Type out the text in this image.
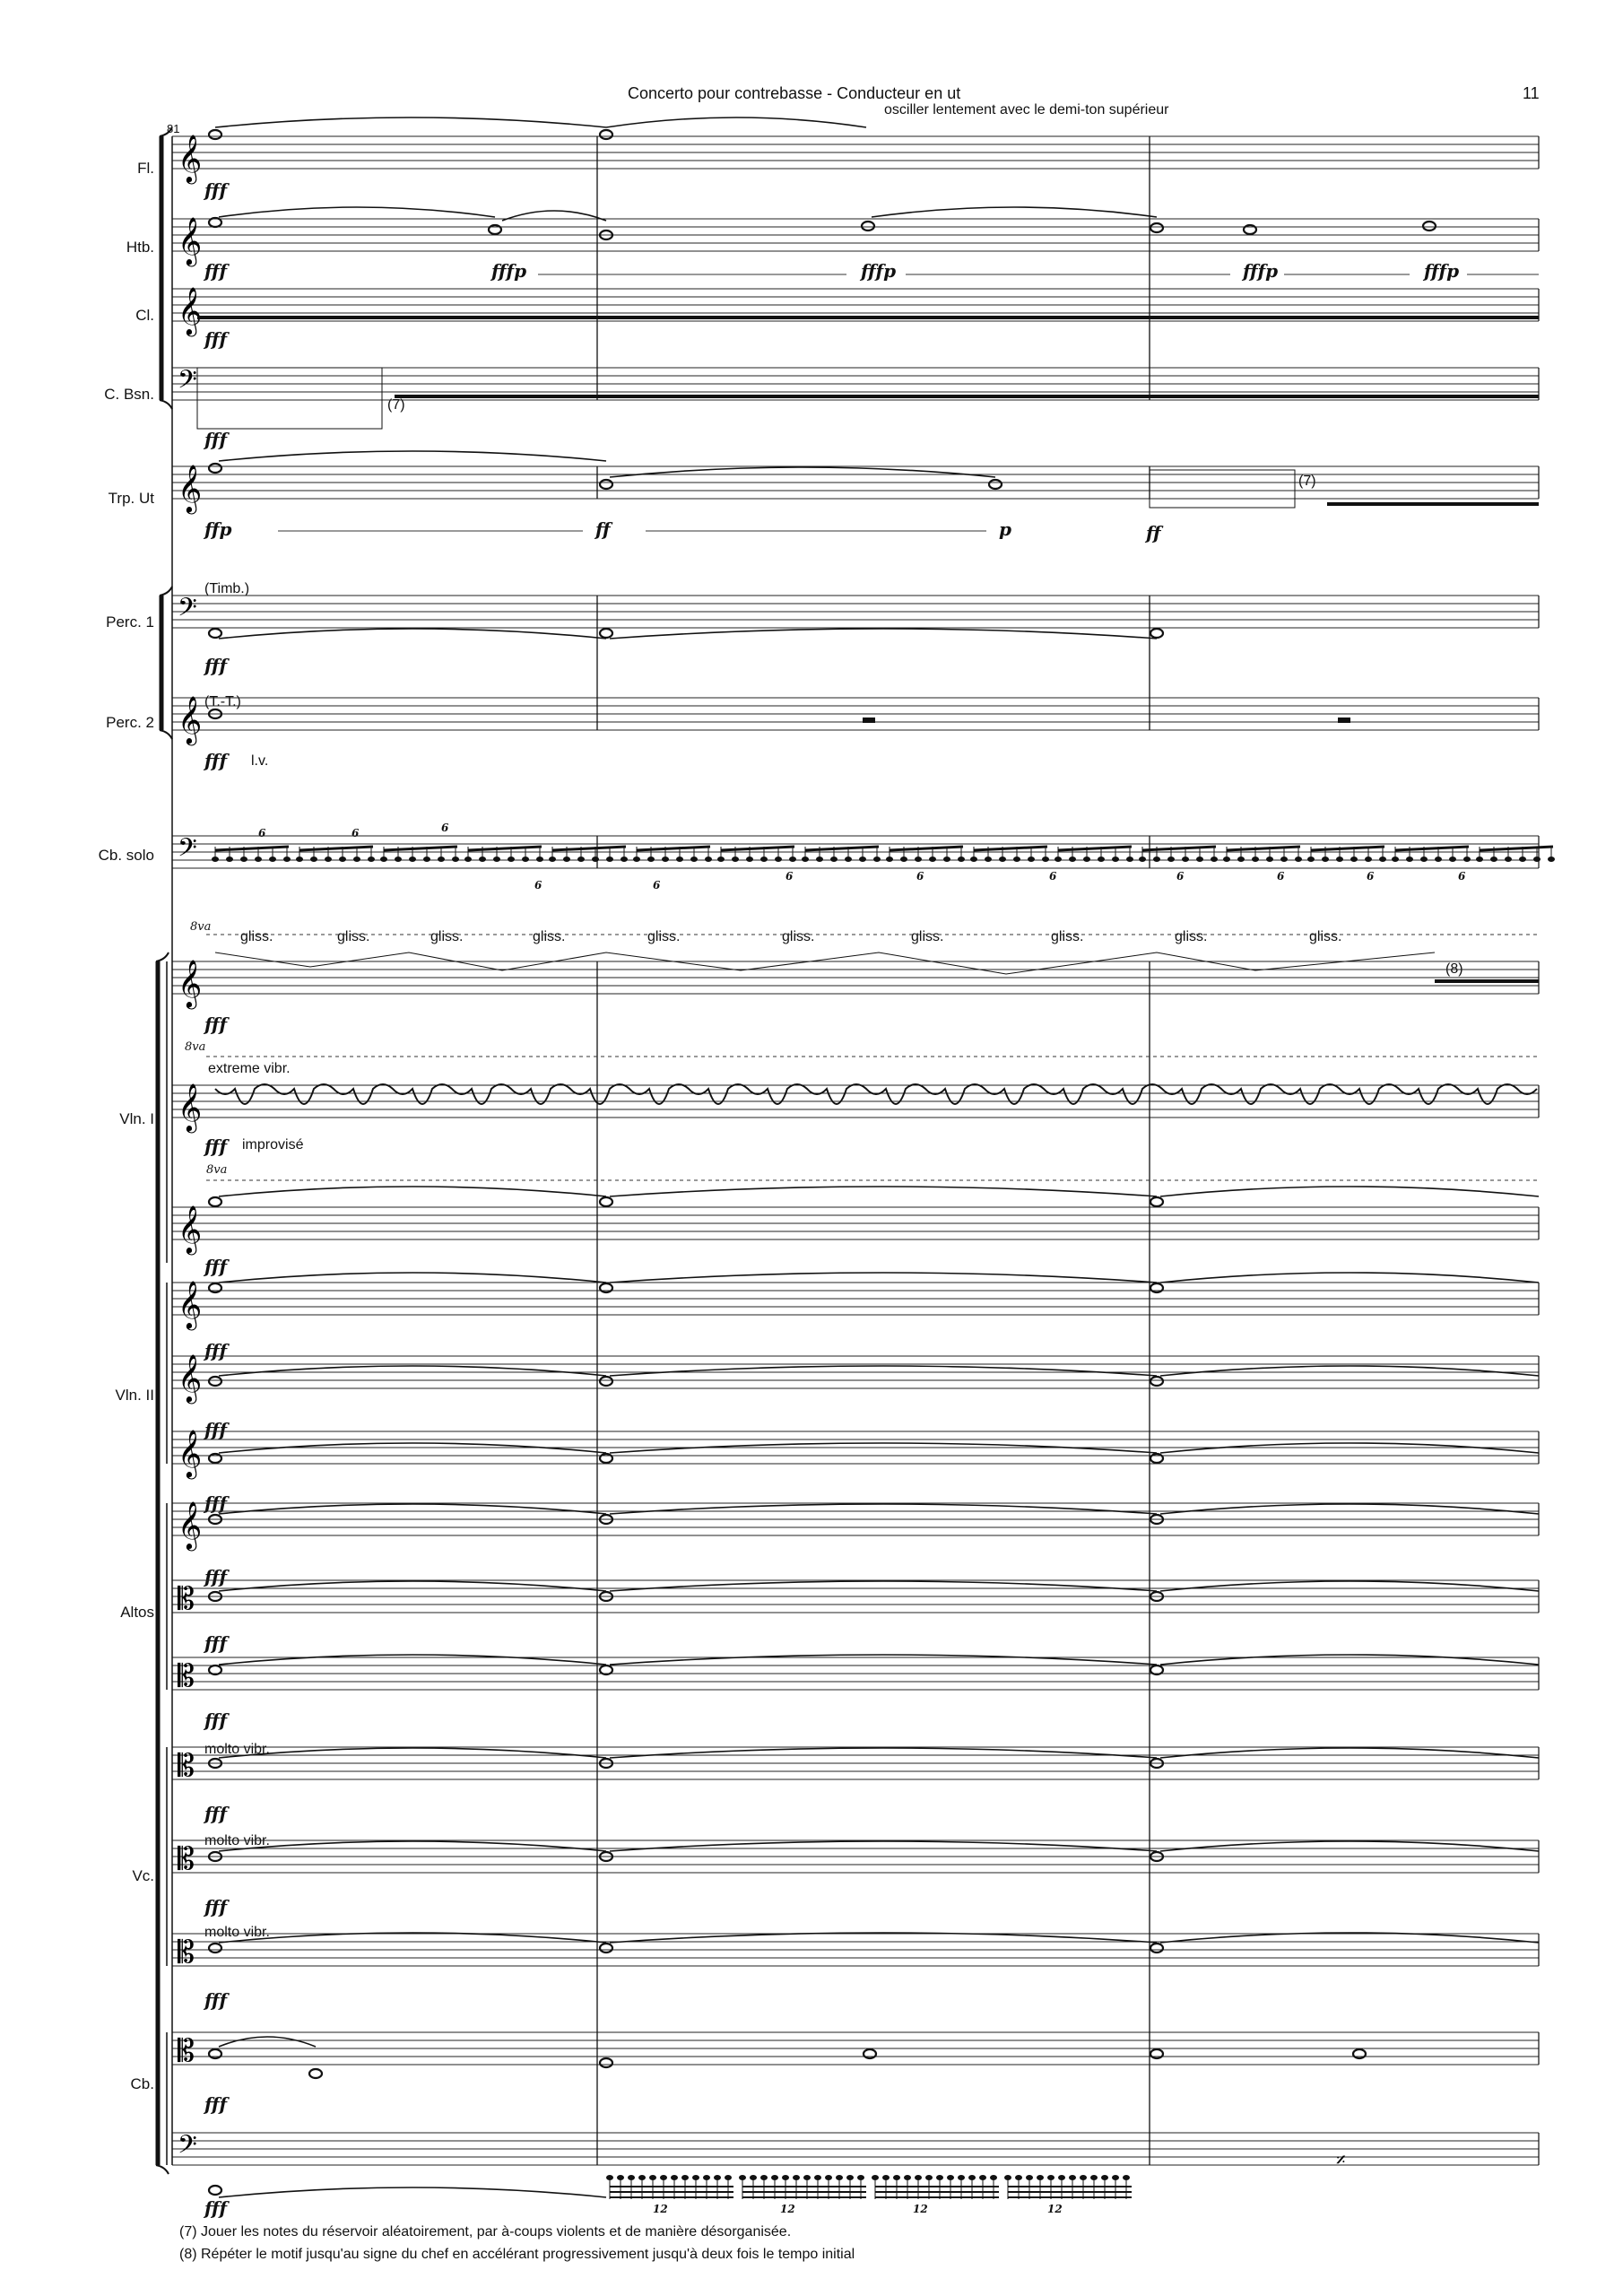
Concerto pour contrebasse - Conducteur en ut	11
81
osciller lentement avec le demi-ton supérieur
Fl.
Htb.
Cl.
C. Bsn.
Trp. Ut
Perc. 1
Perc. 2
Cb. solo
Vln. I
Vln. II
Altos
Vc.
Cb.
(7)
(7)
(8)
(Timb.)
(T.-T.)
l.v.
extreme vibr.
improvisé
molto vibr.
molto vibr.
molto vibr.
8va
8va
8va
gliss.	gliss.	gliss.	gliss.	gliss.	gliss.	gliss.	gliss.	gliss.	gliss.
fff
fff	fffp	fffp	fffp	fffp
fff
fff
ffp	ff	p	ff
fff
fff
fff
fff
fff
fff
fff
fff
fff
fff
fff
fff
fff
fff
fff
fff
6	6	6
6	6
6	6	6	6	6	6	6
12	12	12	12
(7) Jouer les notes du réservoir aléatoirement, par à-coups violents et de manière désorganisée.
(8) Répéter le motif jusqu'au signe du chef en accélérant progressivement jusqu'à deux fois le tempo initial
𝄞
𝄞
𝄞
𝄞
𝄞
𝄞
𝄞
𝄞
𝄞
𝄞
𝄞
𝄞
𝄢
𝄢
𝄢
𝄢
𝄡
𝄡
𝄡
𝄡
𝄡
𝄡
𝄎
